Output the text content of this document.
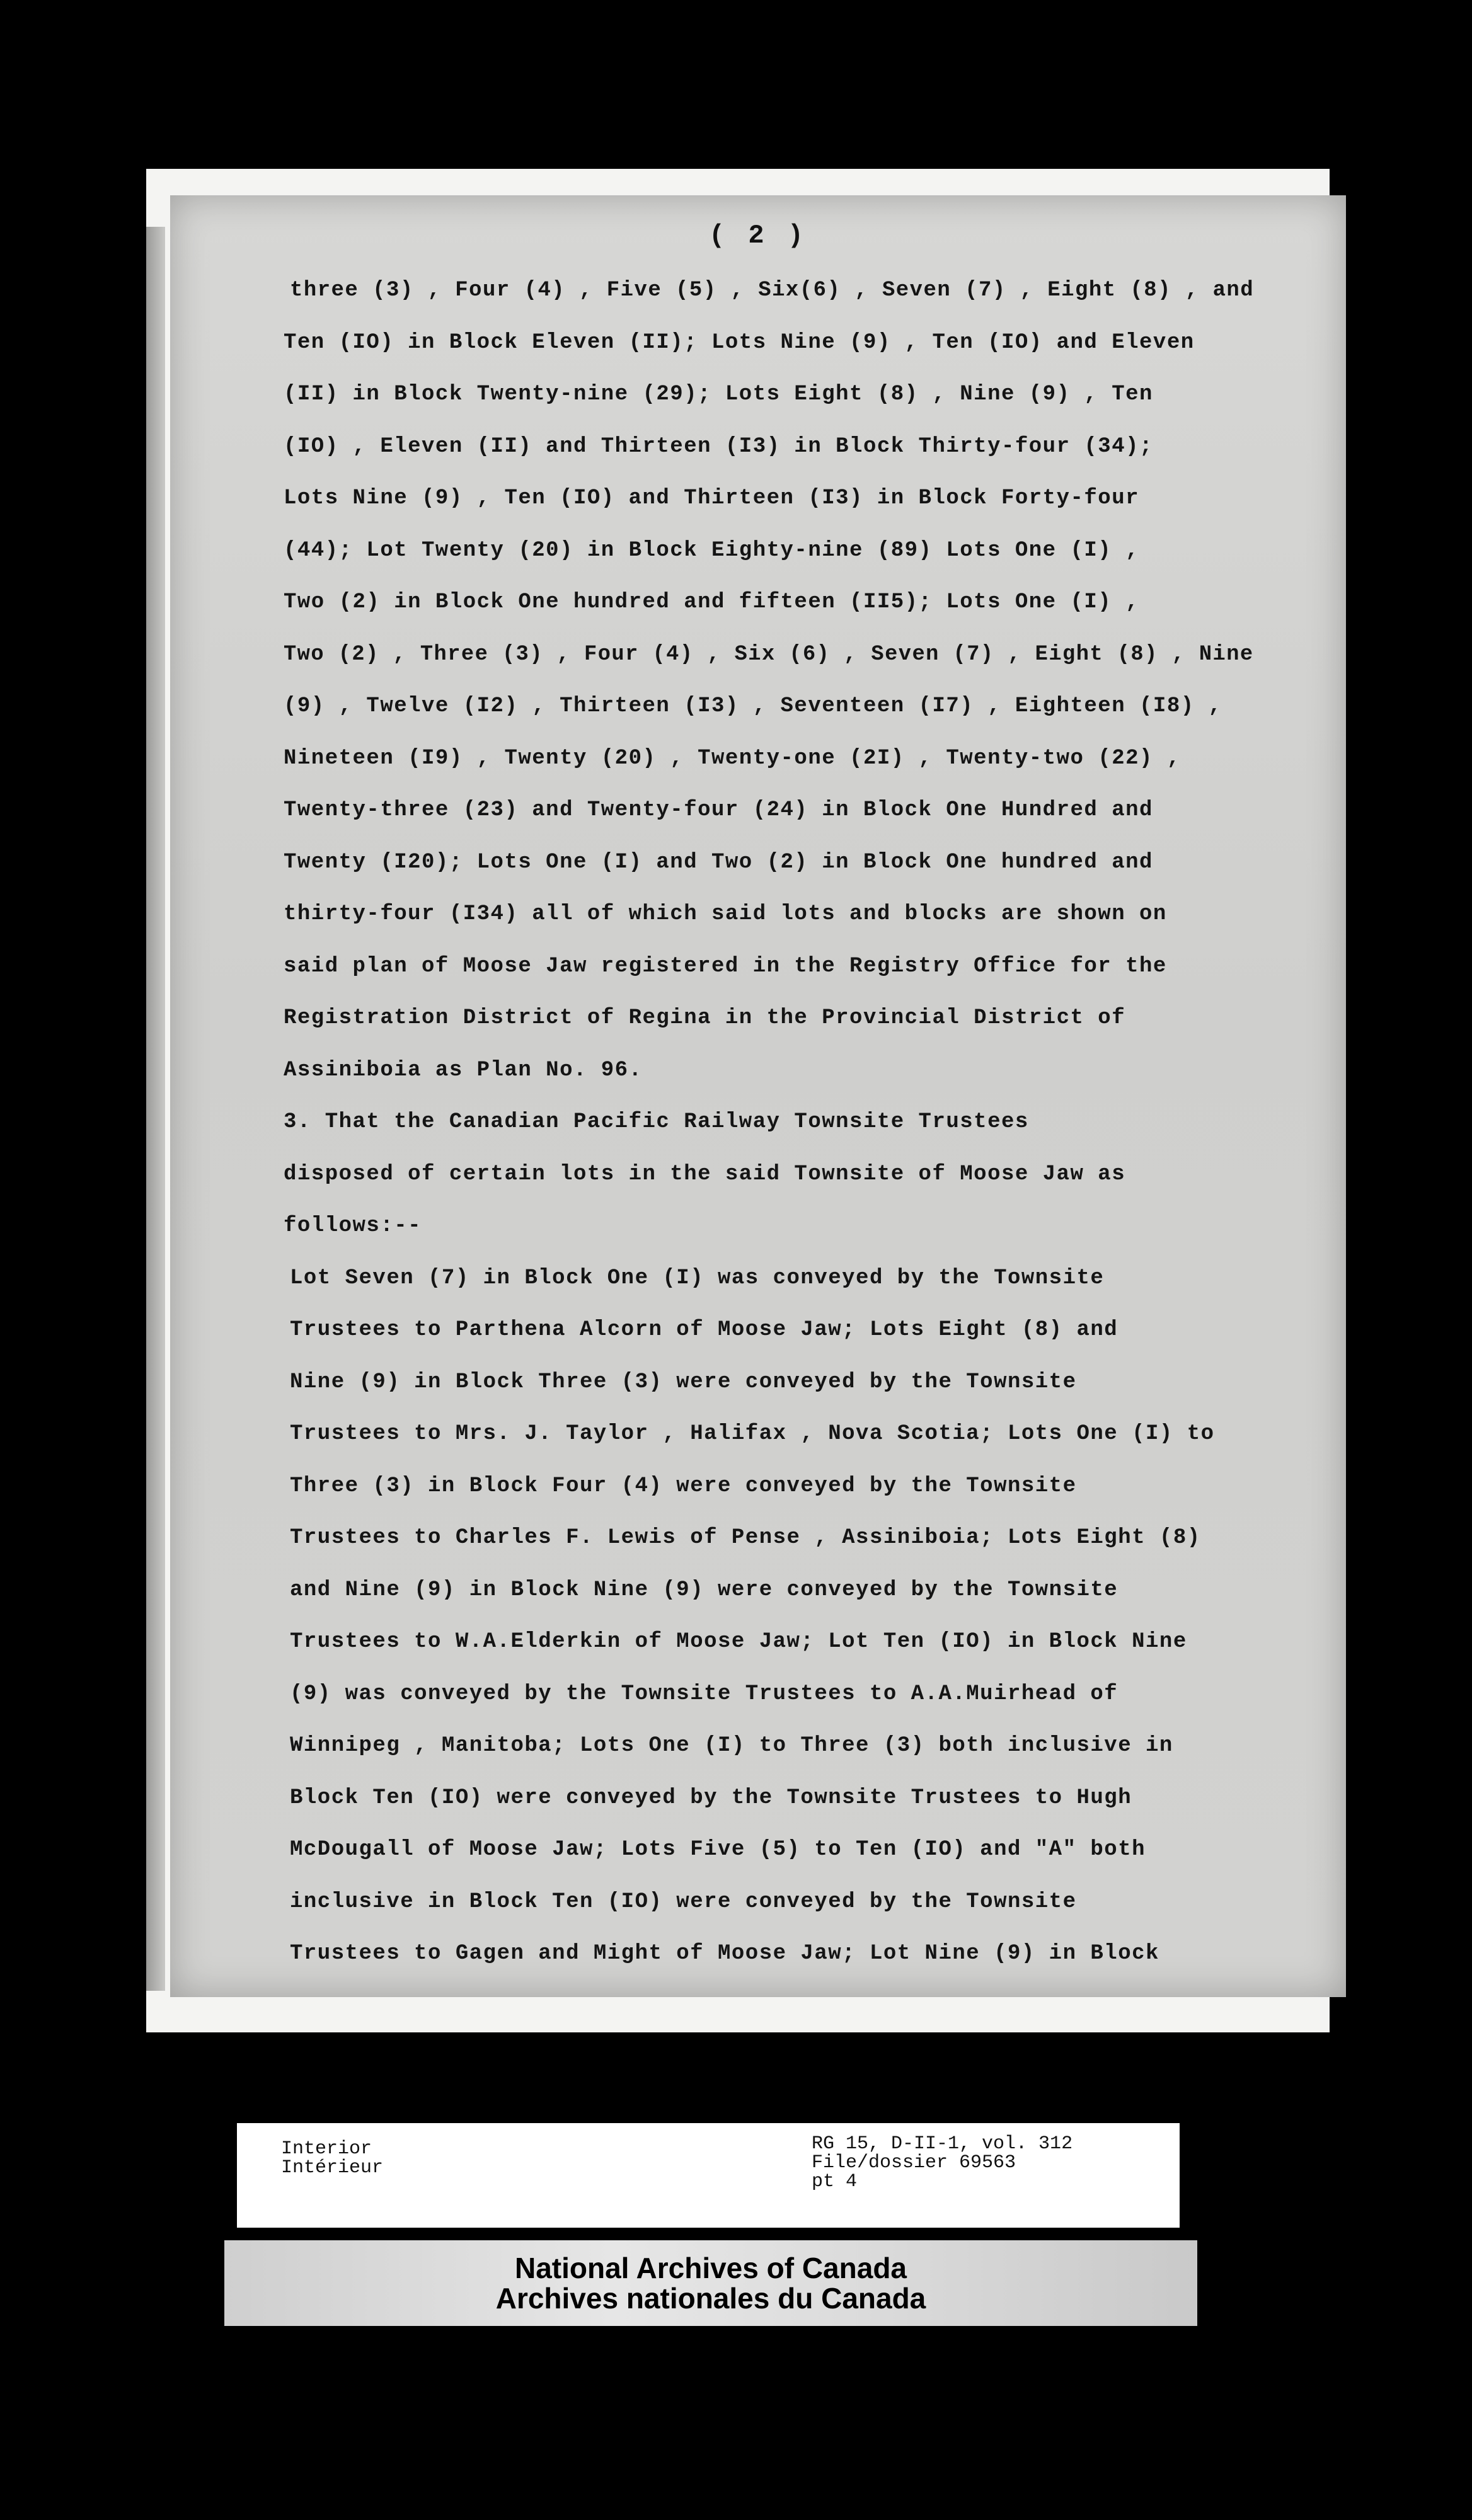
( 2 )
three (3) , Four (4) , Five (5) , Six(6) , Seven (7) , Eight (8) , and
Ten (IO) in Block Eleven (II); Lots Nine (9) , Ten (IO) and Eleven
(II) in Block Twenty-nine (29); Lots Eight (8) , Nine (9) , Ten
(IO) , Eleven (II) and Thirteen (I3) in Block Thirty-four (34);
Lots Nine (9) , Ten (IO) and Thirteen (I3) in Block Forty-four
(44); Lot Twenty (20) in Block Eighty-nine (89) Lots One (I) ,
Two (2) in Block One hundred and fifteen (II5); Lots One (I) ,
Two (2) , Three (3) , Four (4) , Six (6) , Seven (7) , Eight (8) , Nine
(9) , Twelve (I2) , Thirteen (I3) , Seventeen (I7) , Eighteen (I8) ,
Nineteen (I9) , Twenty (20) , Twenty-one (2I) , Twenty-two (22) ,
Twenty-three (23) and Twenty-four (24) in Block One Hundred and
Twenty (I20); Lots One (I) and Two (2) in Block One hundred and
thirty-four (I34) all of which said lots and blocks are shown on
said plan of Moose Jaw registered in the Registry Office for the
Registration District of Regina in the Provincial District of
Assiniboia as Plan No. 96.
3. That the Canadian Pacific Railway Townsite Trustees
disposed of certain lots in the said Townsite of Moose Jaw as
follows:--
Lot Seven (7) in Block One (I) was conveyed by the Townsite
Trustees to Parthena Alcorn of Moose Jaw; Lots Eight (8) and
Nine (9) in Block Three (3) were conveyed by the Townsite
Trustees to Mrs. J. Taylor , Halifax , Nova Scotia; Lots One (I) to
Three (3) in Block Four (4) were conveyed by the Townsite
Trustees to Charles F. Lewis of Pense , Assiniboia; Lots Eight (8)
and Nine (9) in Block Nine (9) were conveyed by the Townsite
Trustees to W.A.Elderkin of Moose Jaw; Lot Ten (IO) in Block Nine
(9) was conveyed by the Townsite Trustees to A.A.Muirhead of
Winnipeg , Manitoba; Lots One (I) to Three (3) both inclusive in
Block Ten (IO) were conveyed by the Townsite Trustees to Hugh
McDougall of Moose Jaw; Lots Five (5) to Ten (IO) and "A" both
inclusive in Block Ten (IO) were conveyed by the Townsite
Trustees to Gagen and Might of Moose Jaw; Lot Nine (9) in Block
Interior
Intérieur
RG 15, D-II-1, vol. 312
File/dossier 69563
pt 4
National Archives of Canada
Archives nationales du Canada
